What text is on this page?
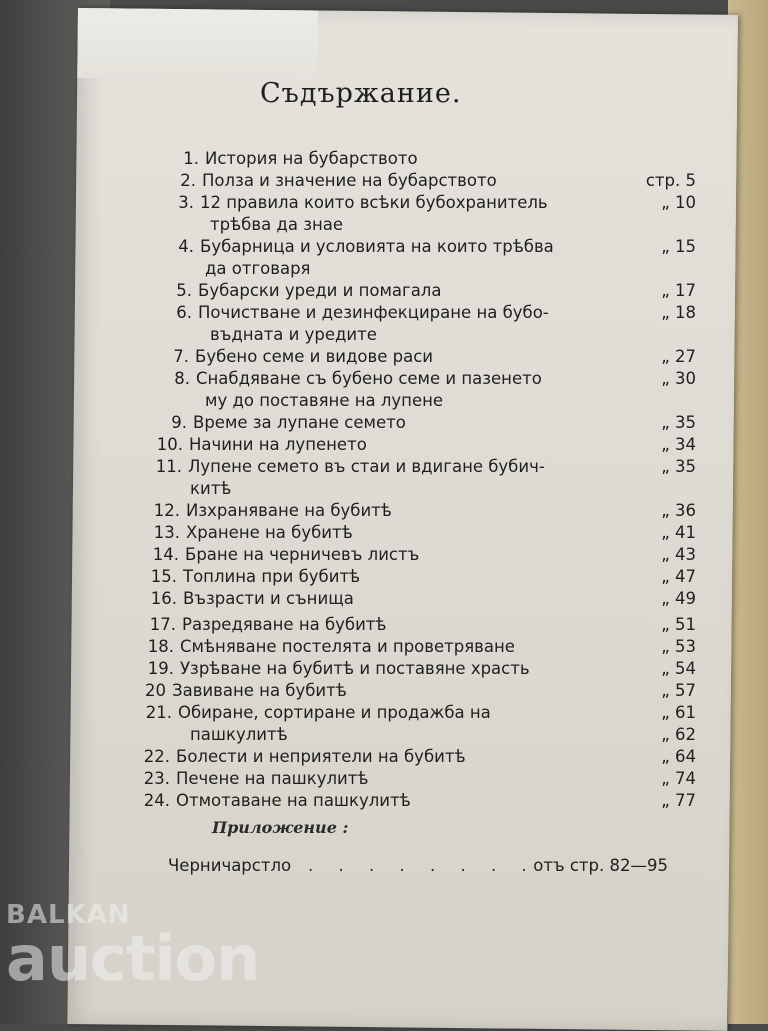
Съдържание.
1. История на бубарството
2. Полза и значение на бубарството	стр. 5
3. 12 правила които всѣки бубохранитель	„ 10
трѣбва да знае
4. Бубарница и условията на които трѣбва	„ 15
да отговаря
5. Бубарски уреди и помагала	„ 17
6. Почистване и дезинфекциране на бубо-	„ 18
въдната и уредите
7. Бубено семе и видове раси	„ 27
8. Снабдяване съ бубено семе и пазенето	„ 30
му до поставяне на лупене
9. Време за лупане семето	„ 35
10. Начини на лупенето	„ 34
11. Лупене семето въ стаи и вдигане бубич-	„ 35
китѣ
12. Изхраняване на бубитѣ	„ 36
13. Хранене на бубитѣ	„ 41
14. Бране на черничевъ листъ	„ 43
15. Топлина при бубитѣ	„ 47
16. Възрасти и сънища	„ 49
17. Разредяване на бубитѣ	„ 51
18. Смѣняване постелята и проветряване	„ 53
19. Узрѣване на бубитѣ и поставяне храсть	„ 54
20 Завиване на бубитѣ	„ 57
21. Обиране, сортиране и продажба на	„ 61
пашкулитѣ	„ 62
22. Болести и неприятели на бубитѣ	„ 64
23. Печене на пашкулитѣ	„ 74
24. Отмотаване на пашкулитѣ	„ 77
Приложение :
Черничарстло . . . . . . . .
отъ стр. 82—95
BALKAN
auction
